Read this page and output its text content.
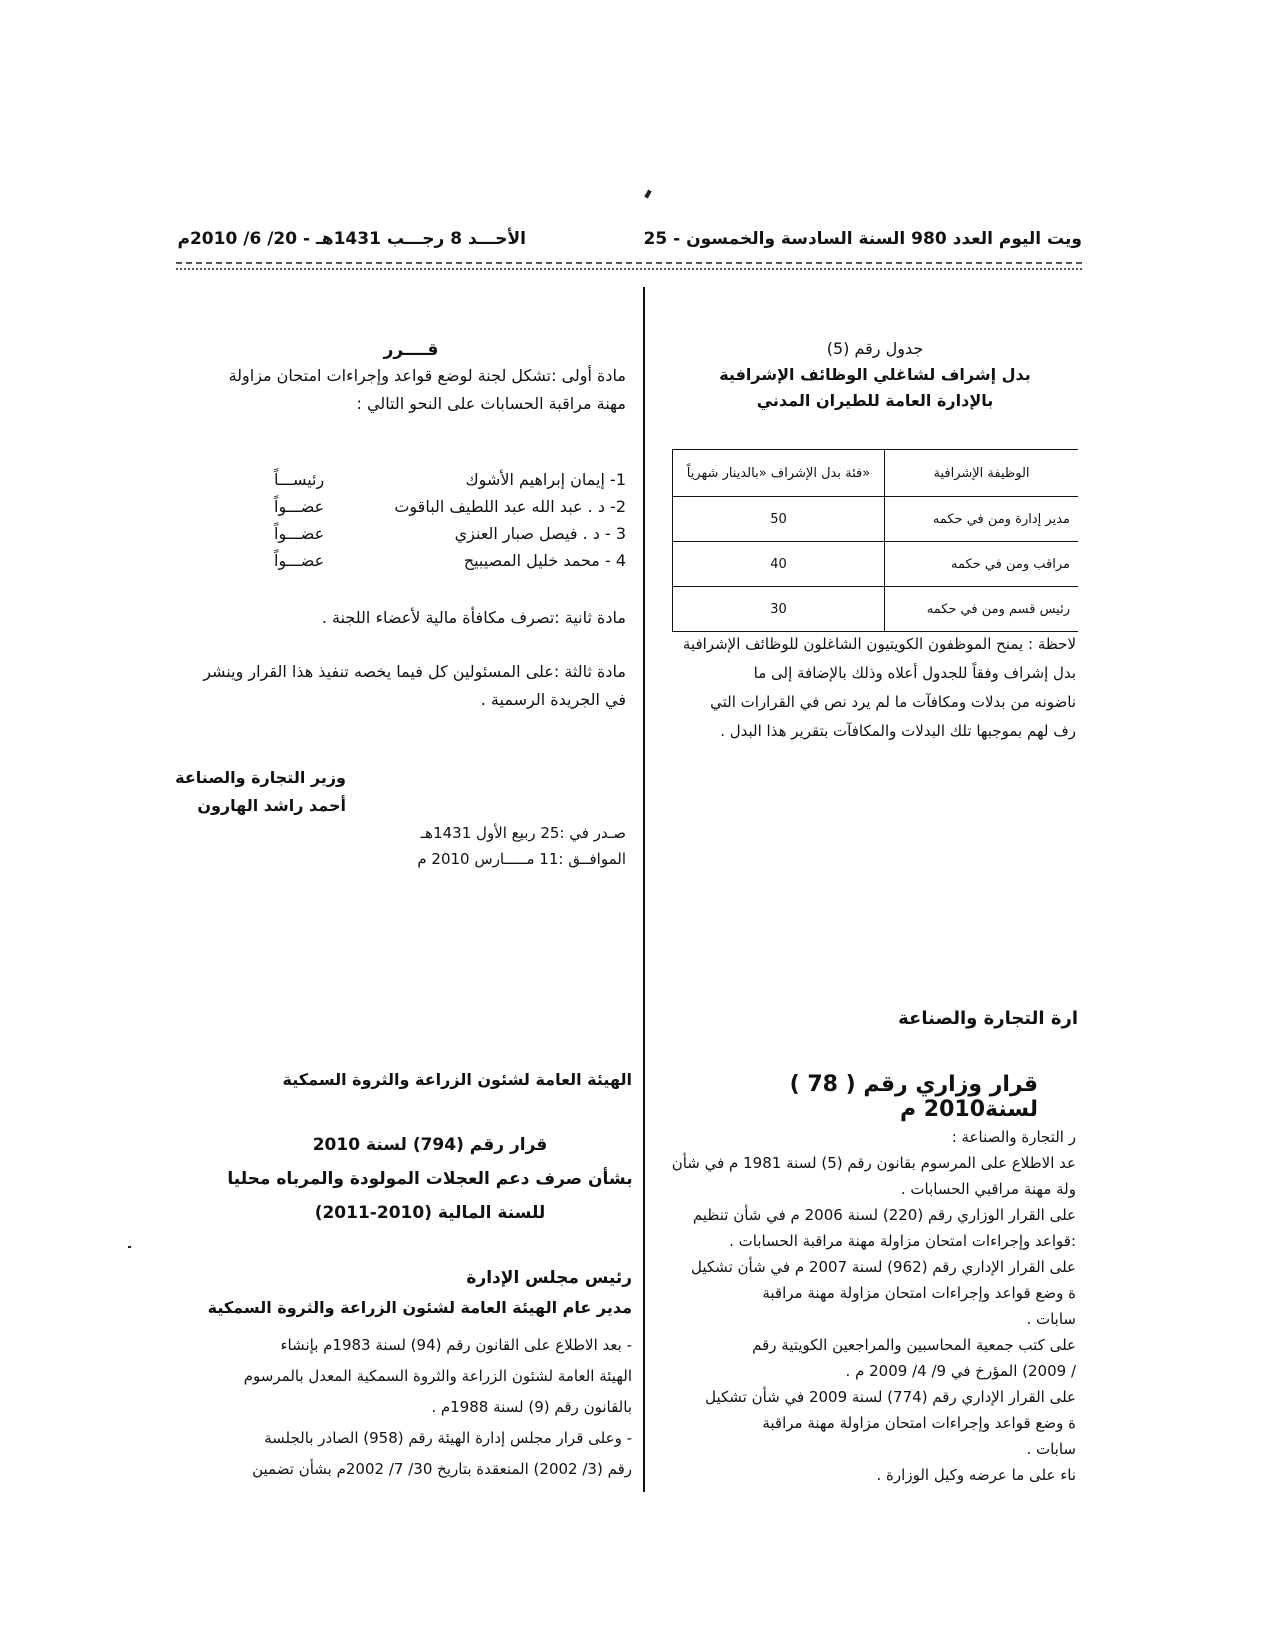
الأحـــد 8 رجـــب 1431هـ - 20/ 6/ 2010م	ويت اليوم العدد 980 السنة السادسة والخمسون - 25
جدول رقم (5)
بدل إشراف لشاغلي الوظائف الإشرافية
بالإدارة العامة للطيران المدني
فئة بدل الإشراف «بالدينار شهرياً»	الوظيفة الإشرافية
50	مدير إدارة ومن في حكمه
40	مراقب ومن في حكمه
30	رئيس قسم ومن في حكمه
لاحظة : يمنح الموظفون الكويتيون الشاغلون للوظائف الإشرافية
بدل إشراف وفقاً للجدول أعلاه وذلك بالإضافة إلى ما
ناضونه من بدلات ومكافآت ما لم يرد نص في القرارات التي
رف لهم بموجبها تلك البدلات والمكافآت بتقرير هذا البدل .
قــــرر
مادة أولى :تشكل لجنة لوضع قواعد وإجراءات امتحان مزاولة
مهنة مراقبة الحسابات على النحو التالي :
1- إيمان إبراهيم الأشوك
رئيســـاً
2- د . عبد الله عبد اللطيف الباقوت
عضـــواً
3 - د . فيصل صبار العنزي
عضـــواً
4 - محمد خليل المصيبيح
عضـــواً
مادة ثانية :تصرف مكافأة مالية لأعضاء اللجنة .
مادة ثالثة :على المسئولين كل فيما يخصه تنفيذ هذا القرار وينشر
في الجريدة الرسمية .
وزير التجارة والصناعة
أحمد راشد الهارون
صـدر في :25 ربيع الأول 1431هـ
الموافــق :11 مـــــارس 2010 م
ارة التجارة والصناعة
قرار وزاري رقم ( 78 ) لسنة2010 م
ر التجارة والصناعة :
عد الاطلاع على المرسوم بقانون رقم (5) لسنة 1981 م في شأن
ولة مهنة مراقبي الحسابات .
على القرار الوزاري رقم (220) لسنة 2006 م في شأن تنظيم
:قواعد وإجراءات امتحان مزاولة مهنة مراقبة الحسابات .
على القرار الإداري رقم (962) لسنة 2007 م في شأن تشكيل
ة وضع قواعد وإجراءات امتحان مزاولة مهنة مراقبة
سابات .
على كتب جمعية المحاسبين والمراجعين الكويتية رقم
/ 2009) المؤرخ في 9/ 4/ 2009 م .
على القرار الإداري رقم (774) لسنة 2009 في شأن تشكيل
ة وضع قواعد وإجراءات امتحان مزاولة مهنة مراقبة
سابات .
ناء على ما عرضه وكيل الوزارة .
الهيئة العامة لشئون الزراعة والثروة السمكية
قرار رقم (794) لسنة 2010
بشأن صرف دعم العجلات المولودة والمرباه محليا
للسنة المالية (2010-2011)
رئيس مجلس الإدارة
مدير عام الهيئة العامة لشئون الزراعة والثروة السمكية
- بعد الاطلاع على القانون رقم (94) لسنة 1983م بإنشاء
الهيئة العامة لشئون الزراعة والثروة السمكية المعدل بالمرسوم
بالقانون رقم (9) لسنة 1988م .
- وعلى قرار مجلس إدارة الهيئة رقم (958) الصادر بالجلسة
رقم (3/ 2002) المنعقدة بتاريخ 30/ 7/ 2002م بشأن تضمين
